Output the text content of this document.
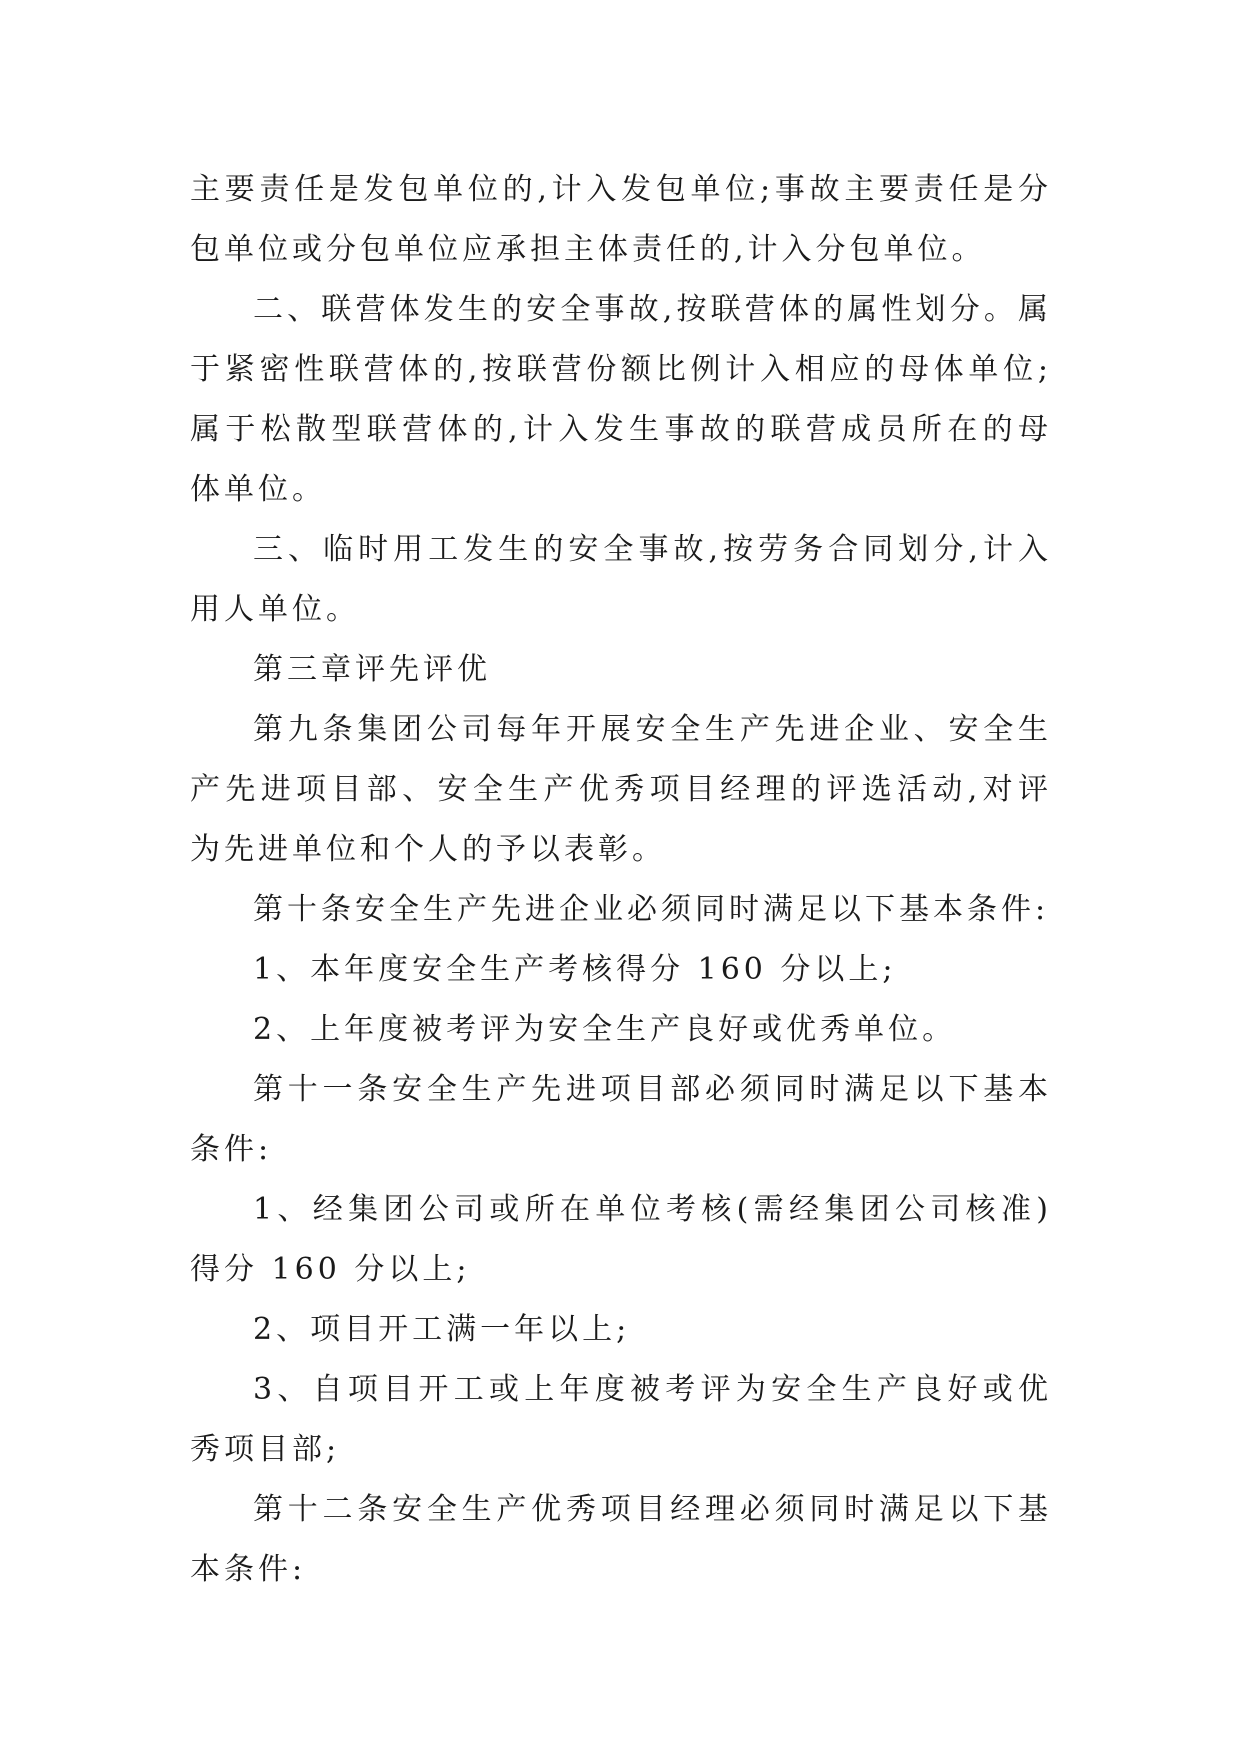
主要责任是发包单位的,计入发包单位;事故主要责任是分包单位或分包单位应承担主体责任的,计入分包单位。

二、联营体发生的安全事故,按联营体的属性划分。属于紧密性联营体的,按联营份额比例计入相应的母体单位;属于松散型联营体的,计入发生事故的联营成员所在的母体单位。

三、临时用工发生的安全事故,按劳务合同划分,计入用人单位。

第三章评先评优

第九条集团公司每年开展安全生产先进企业、安全生产先进项目部、安全生产优秀项目经理的评选活动,对评为先进单位和个人的予以表彰。

第十条安全生产先进企业必须同时满足以下基本条件:

1、本年度安全生产考核得分 160 分以上;

2、上年度被考评为安全生产良好或优秀单位。

第十一条安全生产先进项目部必须同时满足以下基本条件:

1、经集团公司或所在单位考核(需经集团公司核准)得分 160 分以上;

2、项目开工满一年以上;

3、自项目开工或上年度被考评为安全生产良好或优秀项目部;

第十二条安全生产优秀项目经理必须同时满足以下基本条件:
